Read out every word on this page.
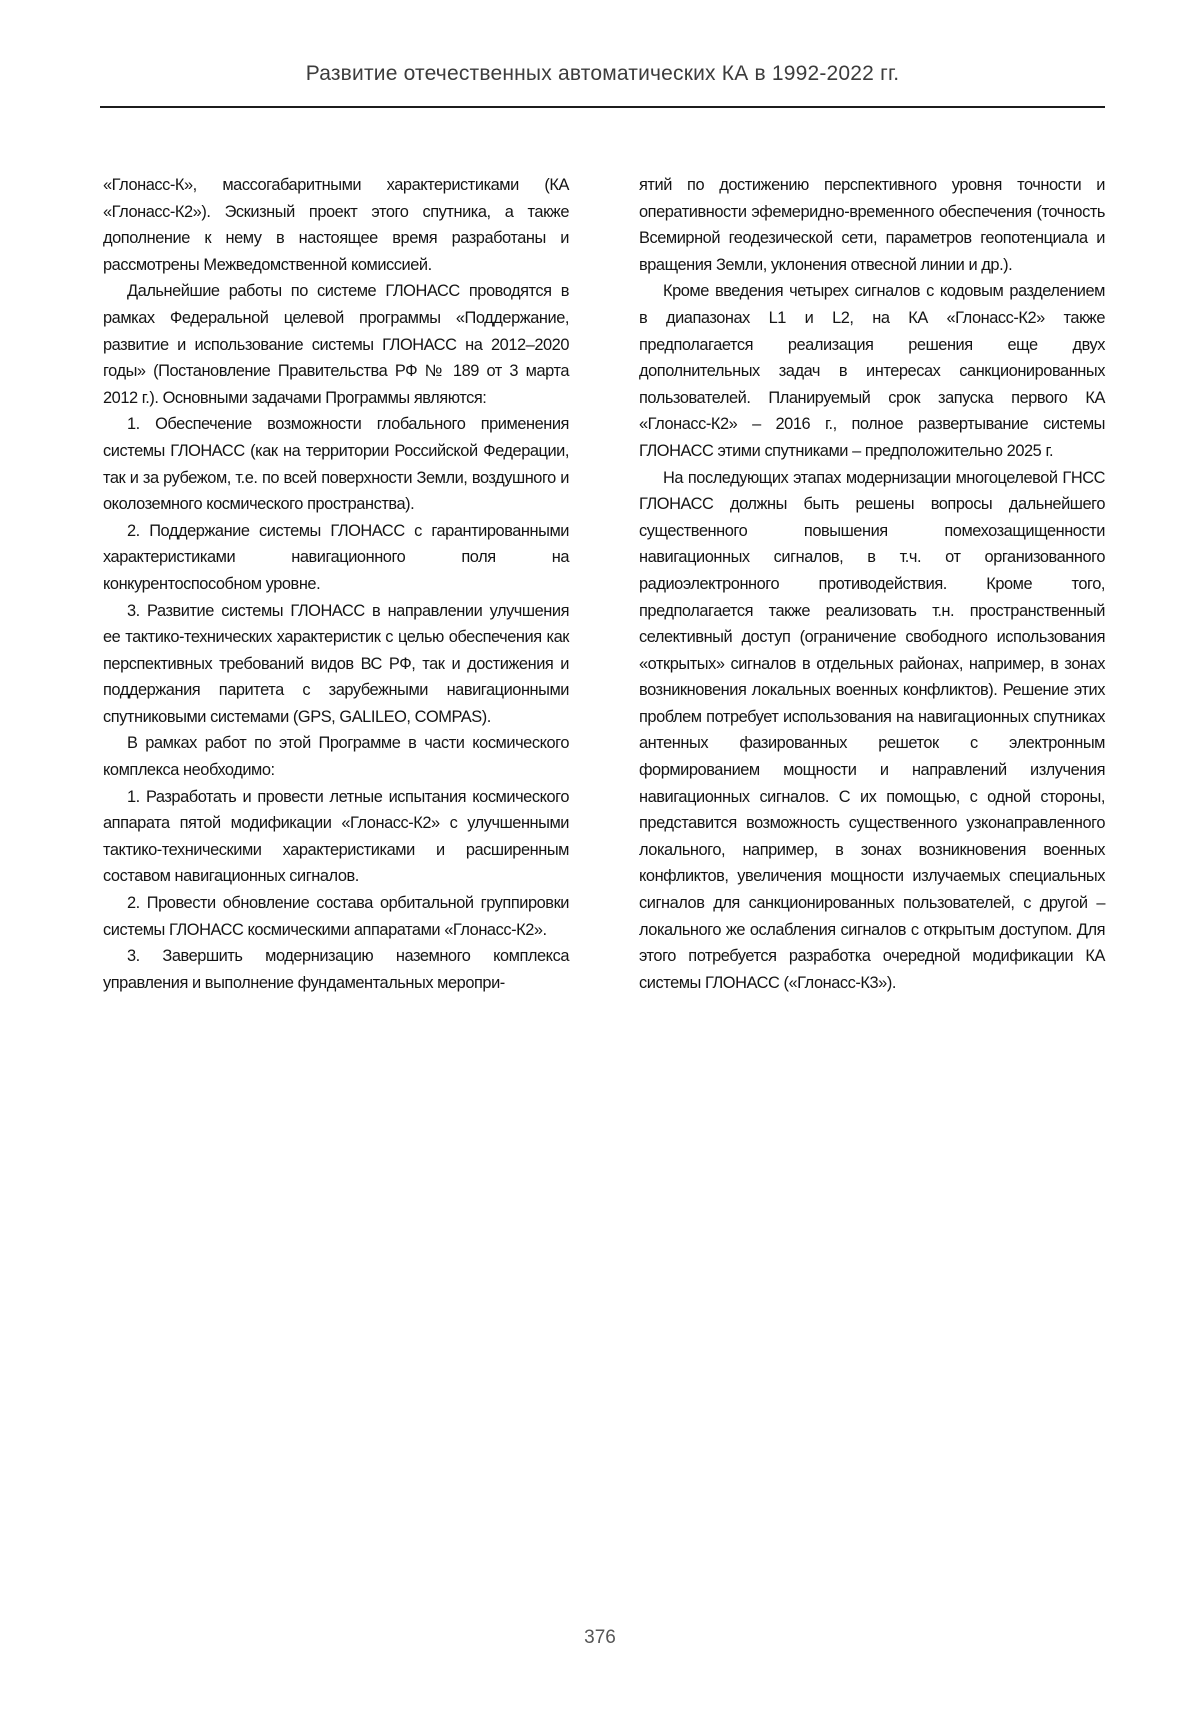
Развитие отечественных автоматических КА в 1992-2022 гг.

«Глонасс-К», массогабаритными характеристиками (КА «Глонасс-К2»). Эскизный проект этого спутника, а также дополнение к нему в настоящее время разработаны и рассмотрены Межведомственной комиссией.

Дальнейшие работы по системе ГЛОНАСС проводятся в рамках Федеральной целевой программы «Поддержание, развитие и использование системы ГЛОНАСС на 2012–2020 годы» (Постановление Правительства РФ № 189 от 3 марта 2012 г.). Основными задачами Программы являются:

1. Обеспечение возможности глобального применения системы ГЛОНАСС (как на территории Российской Федерации, так и за рубежом, т.е. по всей поверхности Земли, воздушного и околоземного космического пространства).

2. Поддержание системы ГЛОНАСС с гарантированными характеристиками навигационного поля на конкурентоспособном уровне.

3. Развитие системы ГЛОНАСС в направлении улучшения ее тактико-технических характеристик с целью обеспечения как перспективных требований видов ВС РФ, так и достижения и поддержания паритета с зарубежными навигационными спутниковыми системами (GPS, GALILEO, COMPAS).

В рамках работ по этой Программе в части космического комплекса необходимо:

1. Разработать и провести летные испытания космического аппарата пятой модификации «Глонасс-К2» с улучшенными тактико-техническими характеристиками и расширенным составом навигационных сигналов.

2. Провести обновление состава орбитальной группировки системы ГЛОНАСС космическими аппаратами «Глонасс-К2».

3. Завершить модернизацию наземного комплекса управления и выполнение фундаментальных меропри-

ятий по достижению перспективного уровня точности и оперативности эфемеридно-временного обеспечения (точность Всемирной геодезической сети, параметров геопотенциала и вращения Земли, уклонения отвесной линии и др.).

Кроме введения четырех сигналов с кодовым разделением в диапазонах L1 и L2, на КА «Глонасс-К2» также предполагается реализация решения еще двух дополнительных задач в интересах санкционированных пользователей. Планируемый срок запуска первого КА «Глонасс-К2» – 2016 г., полное развертывание системы ГЛОНАСС этими спутниками – предположительно 2025 г.

На последующих этапах модернизации многоцелевой ГНСС ГЛОНАСС должны быть решены вопросы дальнейшего существенного повышения помехозащищенности навигационных сигналов, в т.ч. от организованного радиоэлектронного противодействия. Кроме того, предполагается также реализовать т.н. пространственный селективный доступ (ограничение свободного использования «открытых» сигналов в отдельных районах, например, в зонах возникновения локальных военных конфликтов). Решение этих проблем потребует использования на навигационных спутниках антенных фазированных решеток с электронным формированием мощности и направлений излучения навигационных сигналов. С их помощью, с одной стороны, представится возможность существенного узконаправленного локального, например, в зонах возникновения военных конфликтов, увеличения мощности излучаемых специальных сигналов для санкционированных пользователей, с другой – локального же ослабления сигналов с открытым доступом. Для этого потребуется разработка очередной модификации КА системы ГЛОНАСС («Глонасс-К3»).

376
